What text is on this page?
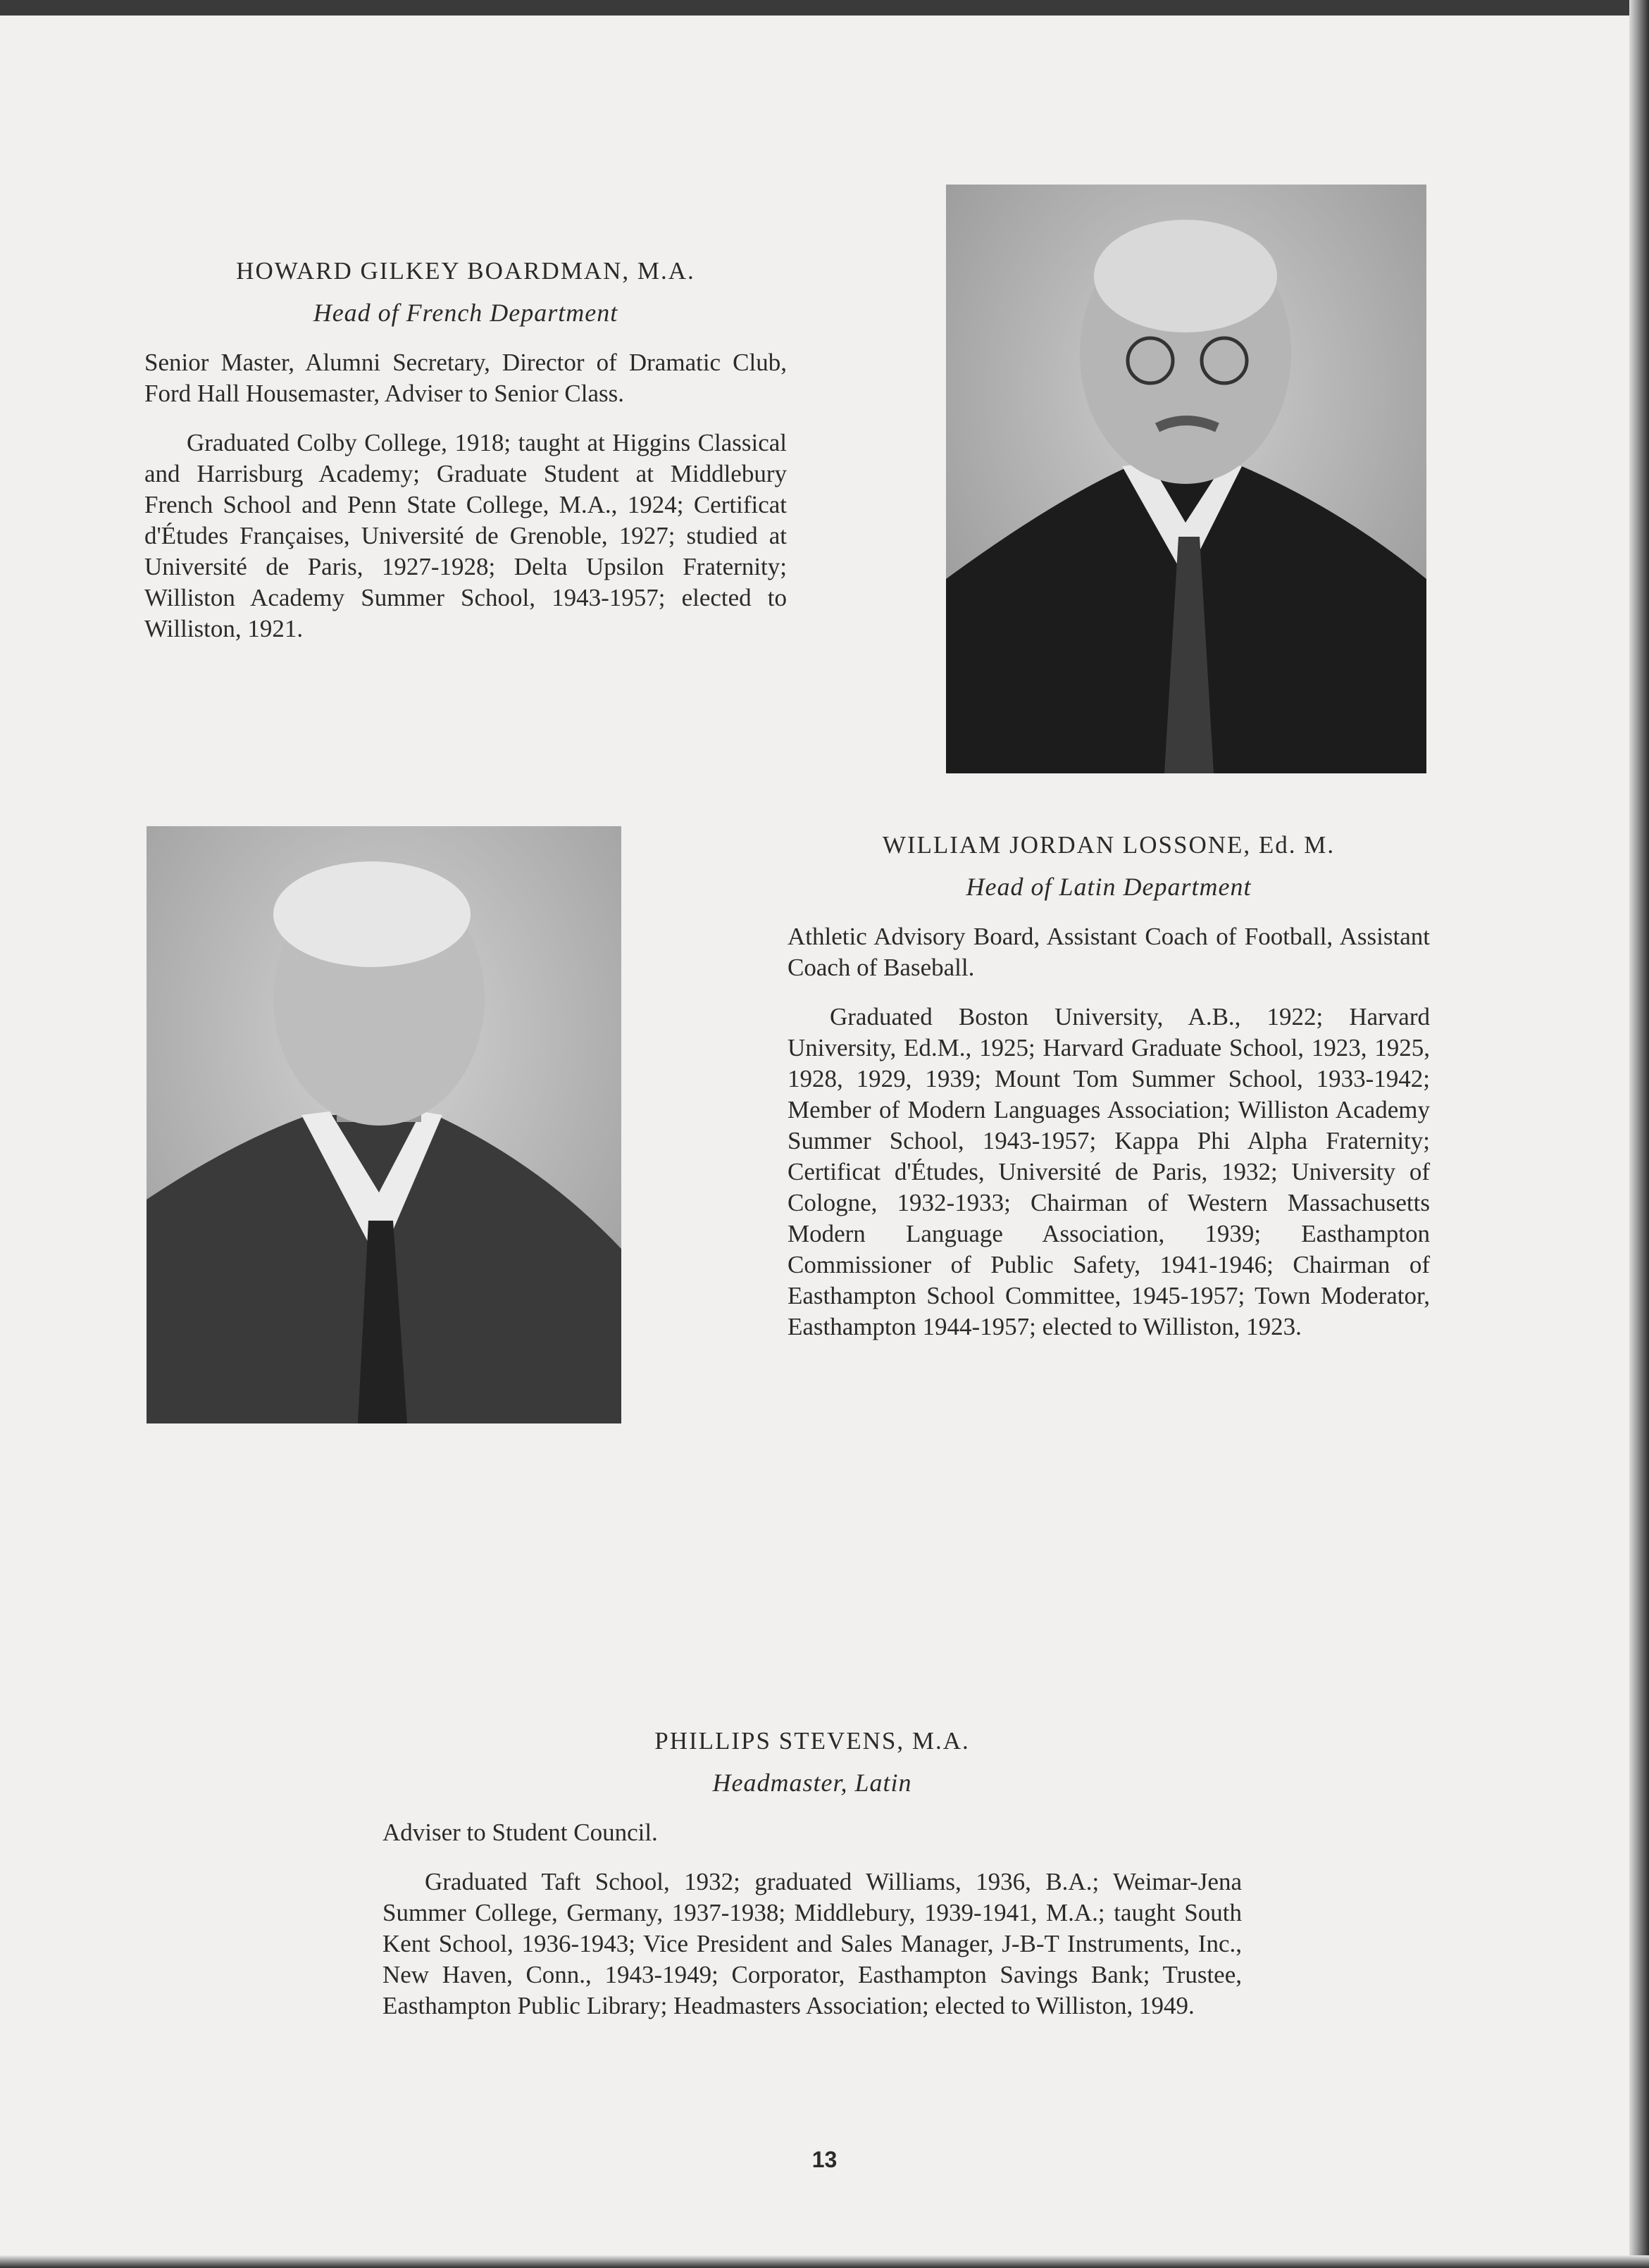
HOWARD GILKEY BOARDMAN, M.A.
Head of French Department
Senior Master, Alumni Secretary, Director of Dramatic Club, Ford Hall Housemaster, Adviser to Senior Class.
Graduated Colby College, 1918; taught at Higgins Classical and Harrisburg Academy; Graduate Student at Middlebury French School and Penn State College, M.A., 1924; Certificat d'Études Françaises, Université de Grenoble, 1927; studied at Université de Paris, 1927-1928; Delta Upsilon Fraternity; Williston Academy Summer School, 1943-1957; elected to Williston, 1921.
WILLIAM JORDAN LOSSONE, Ed. M.
Head of Latin Department
Athletic Advisory Board, Assistant Coach of Football, Assistant Coach of Baseball.
Graduated Boston University, A.B., 1922; Harvard University, Ed.M., 1925; Harvard Graduate School, 1923, 1925, 1928, 1929, 1939; Mount Tom Summer School, 1933-1942; Member of Modern Languages Association; Williston Academy Summer School, 1943-1957; Kappa Phi Alpha Fraternity; Certificat d'Études, Université de Paris, 1932; University of Cologne, 1932-1933; Chairman of Western Massachusetts Modern Language Association, 1939; Easthampton Commissioner of Public Safety, 1941-1946; Chairman of Easthampton School Committee, 1945-1957; Town Moderator, Easthampton 1944-1957; elected to Williston, 1923.
PHILLIPS STEVENS, M.A.
Headmaster, Latin
Adviser to Student Council.
Graduated Taft School, 1932; graduated Williams, 1936, B.A.; Weimar-Jena Summer College, Germany, 1937-1938; Middlebury, 1939-1941, M.A.; taught South Kent School, 1936-1943; Vice President and Sales Manager, J-B-T Instruments, Inc., New Haven, Conn., 1943-1949; Corporator, Easthampton Savings Bank; Trustee, Easthampton Public Library; Headmasters Association; elected to Williston, 1949.
13
